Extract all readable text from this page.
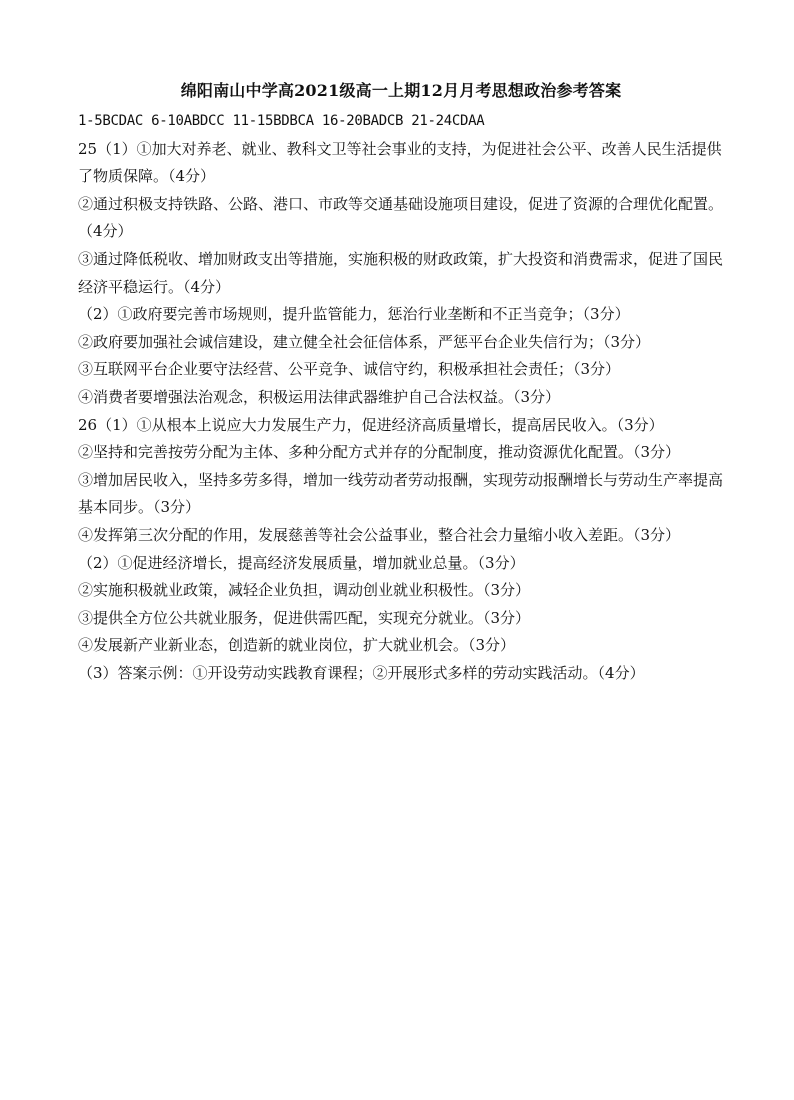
绵阳南山中学高2021级高一上期12月月考思想政治参考答案

1-5BCDAC 6-10ABDCC 11-15BDBCA 16-20BADCB 21-24CDAA

25（1）①加大对养老、就业、教科文卫等社会事业的支持，为促进社会公平、改善人民生活提供了物质保障。（4分）

②通过积极支持铁路、公路、港口、市政等交通基础设施项目建设，促进了资源的合理优化配置。（4分）

③通过降低税收、增加财政支出等措施，实施积极的财政政策，扩大投资和消费需求，促进了国民经济平稳运行。（4分）

（2）①政府要完善市场规则，提升监管能力，惩治行业垄断和不正当竞争；（3分）

②政府要加强社会诚信建设，建立健全社会征信体系，严惩平台企业失信行为；（3分）

③互联网平台企业要守法经营、公平竞争、诚信守约，积极承担社会责任；（3分）

④消费者要增强法治观念，积极运用法律武器维护自己合法权益。（3分）

26（1）①从根本上说应大力发展生产力，促进经济高质量增长，提高居民收入。（3分）

②坚持和完善按劳分配为主体、多种分配方式并存的分配制度，推动资源优化配置。（3分）

③增加居民收入，坚持多劳多得，增加一线劳动者劳动报酬，实现劳动报酬增长与劳动生产率提高基本同步。（3分）

④发挥第三次分配的作用，发展慈善等社会公益事业，整合社会力量缩小收入差距。（3分）

（2）①促进经济增长，提高经济发展质量，增加就业总量。（3分）

②实施积极就业政策，减轻企业负担，调动创业就业积极性。（3分）

③提供全方位公共就业服务，促进供需匹配，实现充分就业。（3分）

④发展新产业新业态，创造新的就业岗位，扩大就业机会。（3分）

（3）答案示例：①开设劳动实践教育课程；②开展形式多样的劳动实践活动。（4分）
